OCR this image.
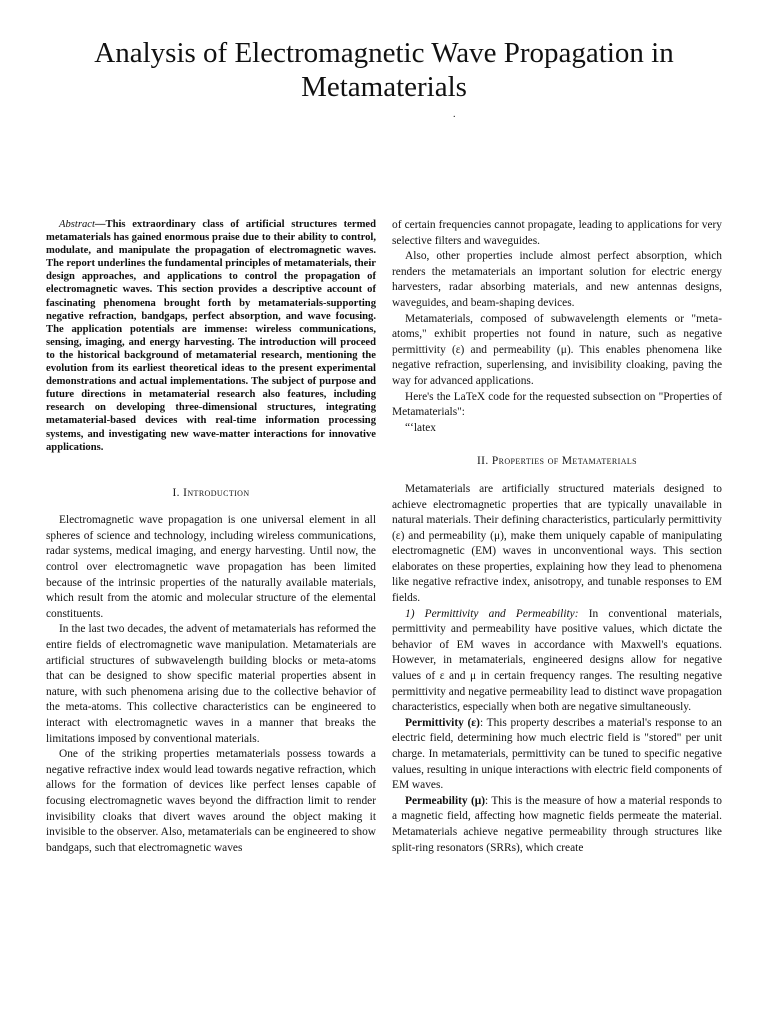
Analysis of Electromagnetic Wave Propagation in Metamaterials
.

Abstract—This extraordinary class of artificial structures termed metamaterials has gained enormous praise due to their ability to control, modulate, and manipulate the propagation of electromagnetic waves. The report underlines the fundamental principles of metamaterials, their design approaches, and applications to control the propagation of electromagnetic waves. This section provides a descriptive account of fascinating phenomena brought forth by metamaterials-supporting negative refraction, bandgaps, perfect absorption, and wave focusing. The application potentials are immense: wireless communications, sensing, imaging, and energy harvesting. The introduction will proceed to the historical background of metamaterial research, mentioning the evolution from its earliest theoretical ideas to the present experimental demonstrations and actual implementations. The subject of purpose and future directions in metamaterial research also features, including research on developing three-dimensional structures, integrating metamaterial-based devices with real-time information processing systems, and investigating new wave-matter interactions for innovative applications.

I. Introduction

Electromagnetic wave propagation is one universal element in all spheres of science and technology, including wireless communications, radar systems, medical imaging, and energy harvesting. Until now, the control over electromagnetic wave propagation has been limited because of the intrinsic properties of the naturally available materials, which result from the atomic and molecular structure of the elemental constituents.

In the last two decades, the advent of metamaterials has reformed the entire fields of electromagnetic wave manipulation. Metamaterials are artificial structures of subwavelength building blocks or meta-atoms that can be designed to show specific material properties absent in nature, with such phenomena arising due to the collective behavior of the meta-atoms. This collective characteristics can be engineered to interact with electromagnetic waves in a manner that breaks the limitations imposed by conventional materials.

One of the striking properties metamaterials possess towards a negative refractive index would lead towards negative refraction, which allows for the formation of devices like perfect lenses capable of focusing electromagnetic waves beyond the diffraction limit to render invisibility cloaks that divert waves around the object making it invisible to the observer. Also, metamaterials can be engineered to show bandgaps, such that electromagnetic waves

of certain frequencies cannot propagate, leading to applications for very selective filters and waveguides.

Also, other properties include almost perfect absorption, which renders the metamaterials an important solution for electric energy harvesters, radar absorbing materials, and new antennas designs, waveguides, and beam-shaping devices.

Metamaterials, composed of subwavelength elements or "meta-atoms," exhibit properties not found in nature, such as negative permittivity (ε) and permeability (μ). This enables phenomena like negative refraction, superlensing, and invisibility cloaking, paving the way for advanced applications.

Here's the LaTeX code for the requested subsection on "Properties of Metamaterials":

“‘latex

II. Properties of Metamaterials

Metamaterials are artificially structured materials designed to achieve electromagnetic properties that are typically unavailable in natural materials. Their defining characteristics, particularly permittivity (ε) and permeability (μ), make them uniquely capable of manipulating electromagnetic (EM) waves in unconventional ways. This section elaborates on these properties, explaining how they lead to phenomena like negative refractive index, anisotropy, and tunable responses to EM fields.

1) Permittivity and Permeability: In conventional materials, permittivity and permeability have positive values, which dictate the behavior of EM waves in accordance with Maxwell's equations. However, in metamaterials, engineered designs allow for negative values of ε and μ in certain frequency ranges. The resulting negative permittivity and negative permeability lead to distinct wave propagation characteristics, especially when both are negative simultaneously.

Permittivity (ε): This property describes a material's response to an electric field, determining how much electric field is "stored" per unit charge. In metamaterials, permittivity can be tuned to specific negative values, resulting in unique interactions with electric field components of EM waves.

Permeability (μ): This is the measure of how a material responds to a magnetic field, affecting how magnetic fields permeate the material. Metamaterials achieve negative permeability through structures like split-ring resonators (SRRs), which create
